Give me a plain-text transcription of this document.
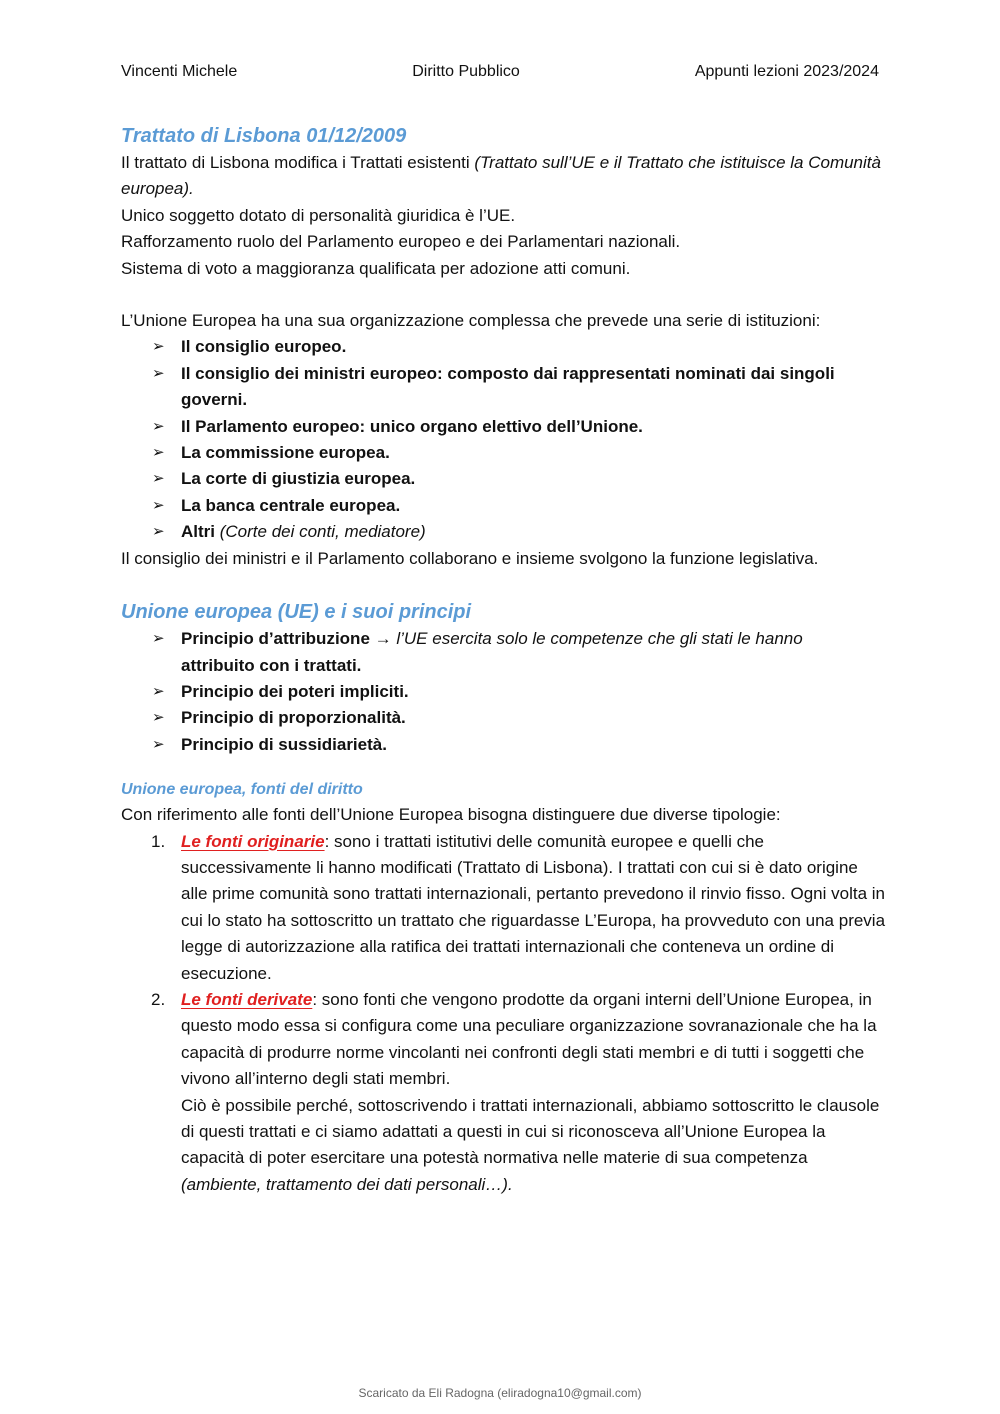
Vincenti Michele	Diritto Pubblico	Appunti lezioni 2023/2024
Trattato di Lisbona 01/12/2009

Il trattato di Lisbona modifica i Trattati esistenti (Trattato sull’UE e il Trattato che istituisce la Comunità europea).

Unico soggetto dotato di personalità giuridica è l’UE.

Rafforzamento ruolo del Parlamento europeo e dei Parlamentari nazionali.

Sistema di voto a maggioranza qualificata per adozione atti comuni.

L’Unione Europea ha una sua organizzazione complessa che prevede una serie di istituzioni:

➢ Il consiglio europeo.
➢ Il consiglio dei ministri europeo: composto dai rappresentati nominati dai singoli governi.
➢ Il Parlamento europeo: unico organo elettivo dell’Unione.
➢ La commissione europea.
➢ La corte di giustizia europea.
➢ La banca centrale europea.
➢ Altri (Corte dei conti, mediatore)

Il consiglio dei ministri e il Parlamento collaborano e insieme svolgono la funzione legislativa.

Unione europea (UE) e i suoi principi
➢ Principio d’attribuzione → l’UE esercita solo le competenze che gli stati le hanno
attribuito con i trattati.
➢ Principio dei poteri impliciti.
➢ Principio di proporzionalità.
➢ Principio di sussidiarietà.
Unione europea, fonti del diritto

Con riferimento alle fonti dell’Unione Europea bisogna distinguere due diverse tipologie:

1. Le fonti originarie: sono i trattati istitutivi delle comunità europee e quelli che successivamente li hanno modificati (Trattato di Lisbona). I trattati con cui si è dato origine alle prime comunità sono trattati internazionali, pertanto prevedono il rinvio fisso. Ogni volta in cui lo stato ha sottoscritto un trattato che riguardasse L’Europa, ha provveduto con una previa legge di autorizzazione alla ratifica dei trattati internazionali che conteneva un ordine di esecuzione.
2. Le fonti derivate: sono fonti che vengono prodotte da organi interni dell’Unione Europea, in questo modo essa si configura come una peculiare organizzazione sovranazionale che ha la capacità di produrre norme vincolanti nei confronti degli stati membri e di tutti i soggetti che vivono all’interno degli stati membri.
Ciò è possibile perché, sottoscrivendo i trattati internazionali, abbiamo sottoscritto le clausole di questi trattati e ci siamo adattati a questi in cui si riconosceva all’Unione Europea la capacità di poter esercitare una potestà normativa nelle materie di sua competenza (ambiente, trattamento dei dati personali…).
Scaricato da Eli Radogna (eliradogna10@gmail.com)
